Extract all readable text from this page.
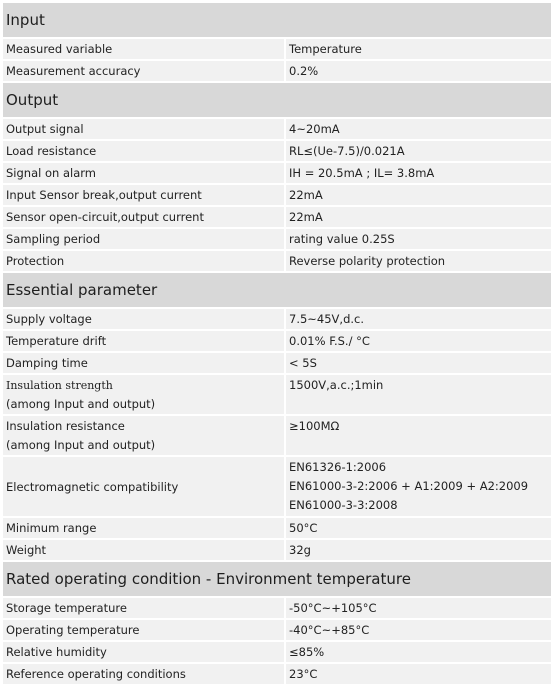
Input	
Measured variable	Temperature
Measurement accuracy	0.2%
Output	
Output signal	4~20mA
Load resistance	RL≤(Ue-7.5)/0.021A
Signal on alarm	IH = 20.5mA ; IL= 3.8mA
Input Sensor break,output current	22mA
Sensor open-circuit,output current	22mA
Sampling period	rating value 0.25S
Protection	Reverse polarity protection
Essential parameter	
Supply voltage	7.5~45V,d.c.
Temperature drift	0.01% F.S./ °C
Damping time	< 5S

Insulation strength
(among Input and output)	1500V,a.c.;1min

Insulation resistance
(among Input and output)	≥100MΩ
Electromagnetic compatibility	EN61326-1:2006
EN61000-3-2:2006 + A1:2009 + A2:2009
EN61000-3-3:2008

Minimum range	50°C
Weight	32g
Rated operating condition - Environment temperature	
Storage temperature	-50°C~+105°C
Operating temperature	-40°C~+85°C
Relative humidity	≤85%
Reference operating conditions	23°C
